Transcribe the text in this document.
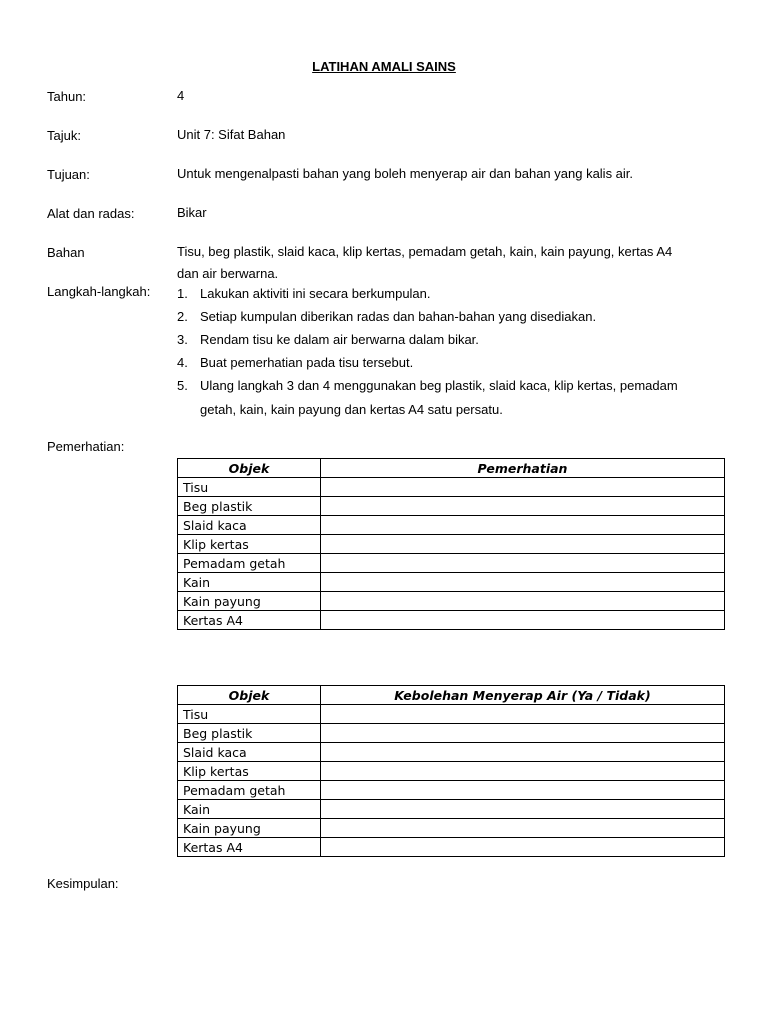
LATIHAN AMALI SAINS
Tahun:	4
Tajuk:	Unit 7: Sifat Bahan
Tujuan:	Untuk mengenalpasti bahan yang boleh menyerap air dan bahan yang kalis air.
Alat dan radas:	Bikar
Bahan	Tisu, beg plastik, slaid kaca, klip kertas, pemadam getah, kain, kain payung, kertas A4
dan air berwarna.
Langkah-langkah: 1. Lakukan aktiviti ini secara berkumpulan.
2. Setiap kumpulan diberikan radas dan bahan-bahan yang disediakan.
3. Rendam tisu ke dalam air berwarna dalam bikar.
4. Buat pemerhatian pada tisu tersebut.
5. Ulang langkah 3 dan 4 menggunakan beg plastik, slaid kaca, klip kertas, pemadam
getah, kain, kain payung dan kertas A4 satu persatu.
Pemerhatian:
Objek	Pemerhatian
Tisu	
Beg plastik	
Slaid kaca	
Klip kertas	
Pemadam getah	
Kain	
Kain payung	
Kertas A4	
Objek	Kebolehan Menyerap Air (Ya / Tidak)
Tisu	
Beg plastik	
Slaid kaca	
Klip kertas	
Pemadam getah	
Kain	
Kain payung	
Kertas A4	
Kesimpulan:
